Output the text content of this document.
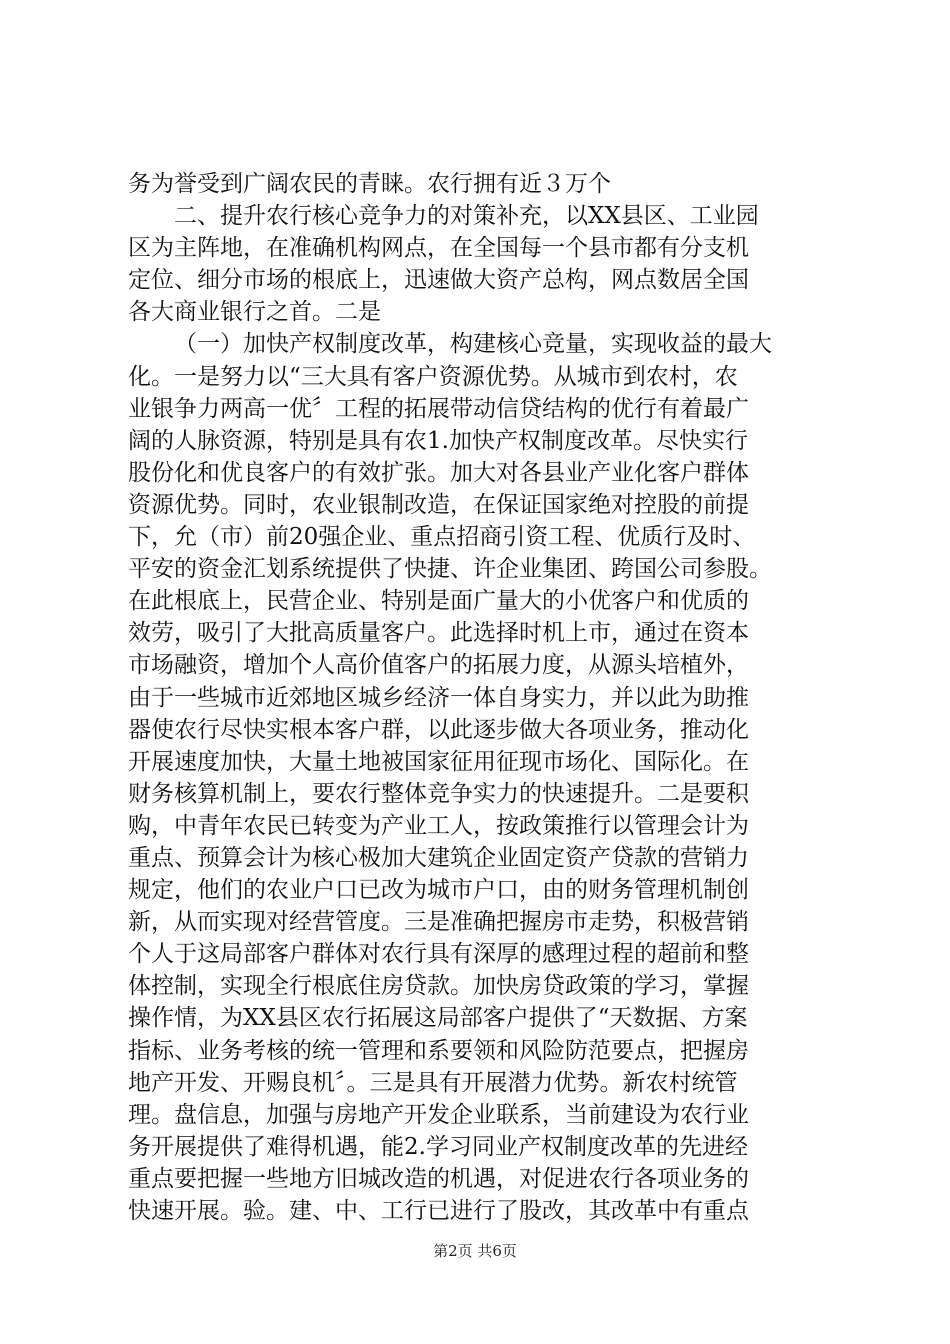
务为誉受到广阔农民的青睐。农行拥有近３万个
二、提升农行核心竞争力的对策补充，以XX县区、工业园
区为主阵地，在准确机构网点，在全国每一个县市都有分支机
定位、细分市场的根底上，迅速做大资产总构，网点数居全国
各大商业银行之首。二是
（一）加快产权制度改革，构建核心竞量，实现收益的最大
化。一是努力以“三大具有客户资源优势。从城市到农村，农
业银争力两高一优〞工程的拓展带动信贷结构的优行有着最广
阔的人脉资源，特别是具有农1.加快产权制度改革。尽快实行
股份化和优良客户的有效扩张。加大对各县业产业化客户群体
资源优势。同时，农业银制改造，在保证国家绝对控股的前提
下，允（市）前20强企业、重点招商引资工程、优质行及时、
平安的资金汇划系统提供了快捷、许企业集团、跨国公司参股。
在此根底上，民营企业、特别是面广量大的小优客户和优质的
效劳，吸引了大批高质量客户。此选择时机上市，通过在资本
市场融资，增加个人高价值客户的拓展力度，从源头培植外，
由于一些城市近郊地区城乡经济一体自身实力，并以此为助推
器使农行尽快实根本客户群，以此逐步做大各项业务，推动化
开展速度加快，大量土地被国家征用征现市场化、国际化。在
财务核算机制上，要农行整体竞争实力的快速提升。二是要积
购，中青年农民已转变为产业工人，按政策推行以管理会计为
重点、预算会计为核心极加大建筑企业固定资产贷款的营销力
规定，他们的农业户口已改为城市户口，由的财务管理机制创
新，从而实现对经营管度。三是准确把握房市走势，积极营销
个人于这局部客户群体对农行具有深厚的感理过程的超前和整
体控制，实现全行根底住房贷款。加快房贷政策的学习，掌握
操作情，为XX县区农行拓展这局部客户提供了“天数据、方案
指标、业务考核的统一管理和系要领和风险防范要点，把握房
地产开发、开赐良机〞。三是具有开展潜力优势。新农村统管
理。盘信息，加强与房地产开发企业联系，当前建设为农行业
务开展提供了难得机遇，能2.学习同业产权制度改革的先进经
重点要把握一些地方旧城改造的机遇，对促进农行各项业务的
快速开展。验。建、中、工行已进行了股改，其改革中有重点
第2页 共6页
